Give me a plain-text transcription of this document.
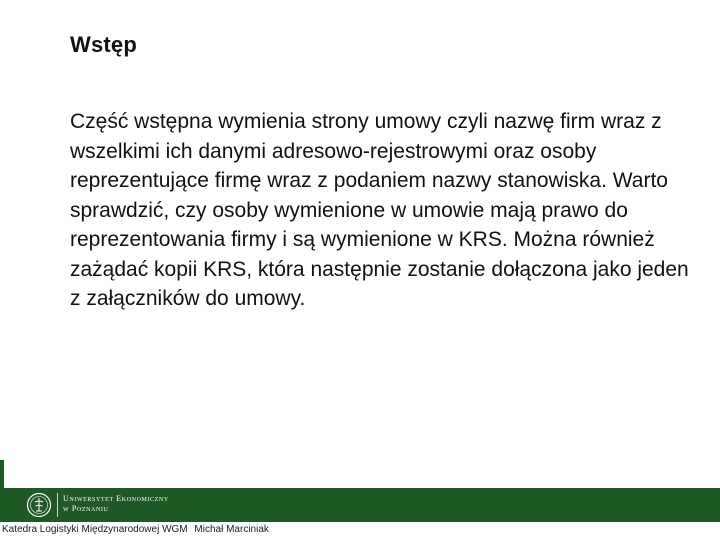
Wstęp

Część wstępna wymienia strony umowy czyli nazwę firm wraz z wszelkimi ich danymi adresowo-rejestrowymi oraz osoby reprezentujące firmę wraz z podaniem nazwy stanowiska. Warto sprawdzić, czy osoby wymienione w umowie mają prawo do reprezentowania firmy i są wymienione w KRS. Można również zażądać kopii KRS, która następnie zostanie dołączona jako jeden z załączników do umowy.

Uniwersytet Ekonomiczny
w Poznaniu
Katedra Logistyki Międzynarodowej WGM Michał Marciniak
